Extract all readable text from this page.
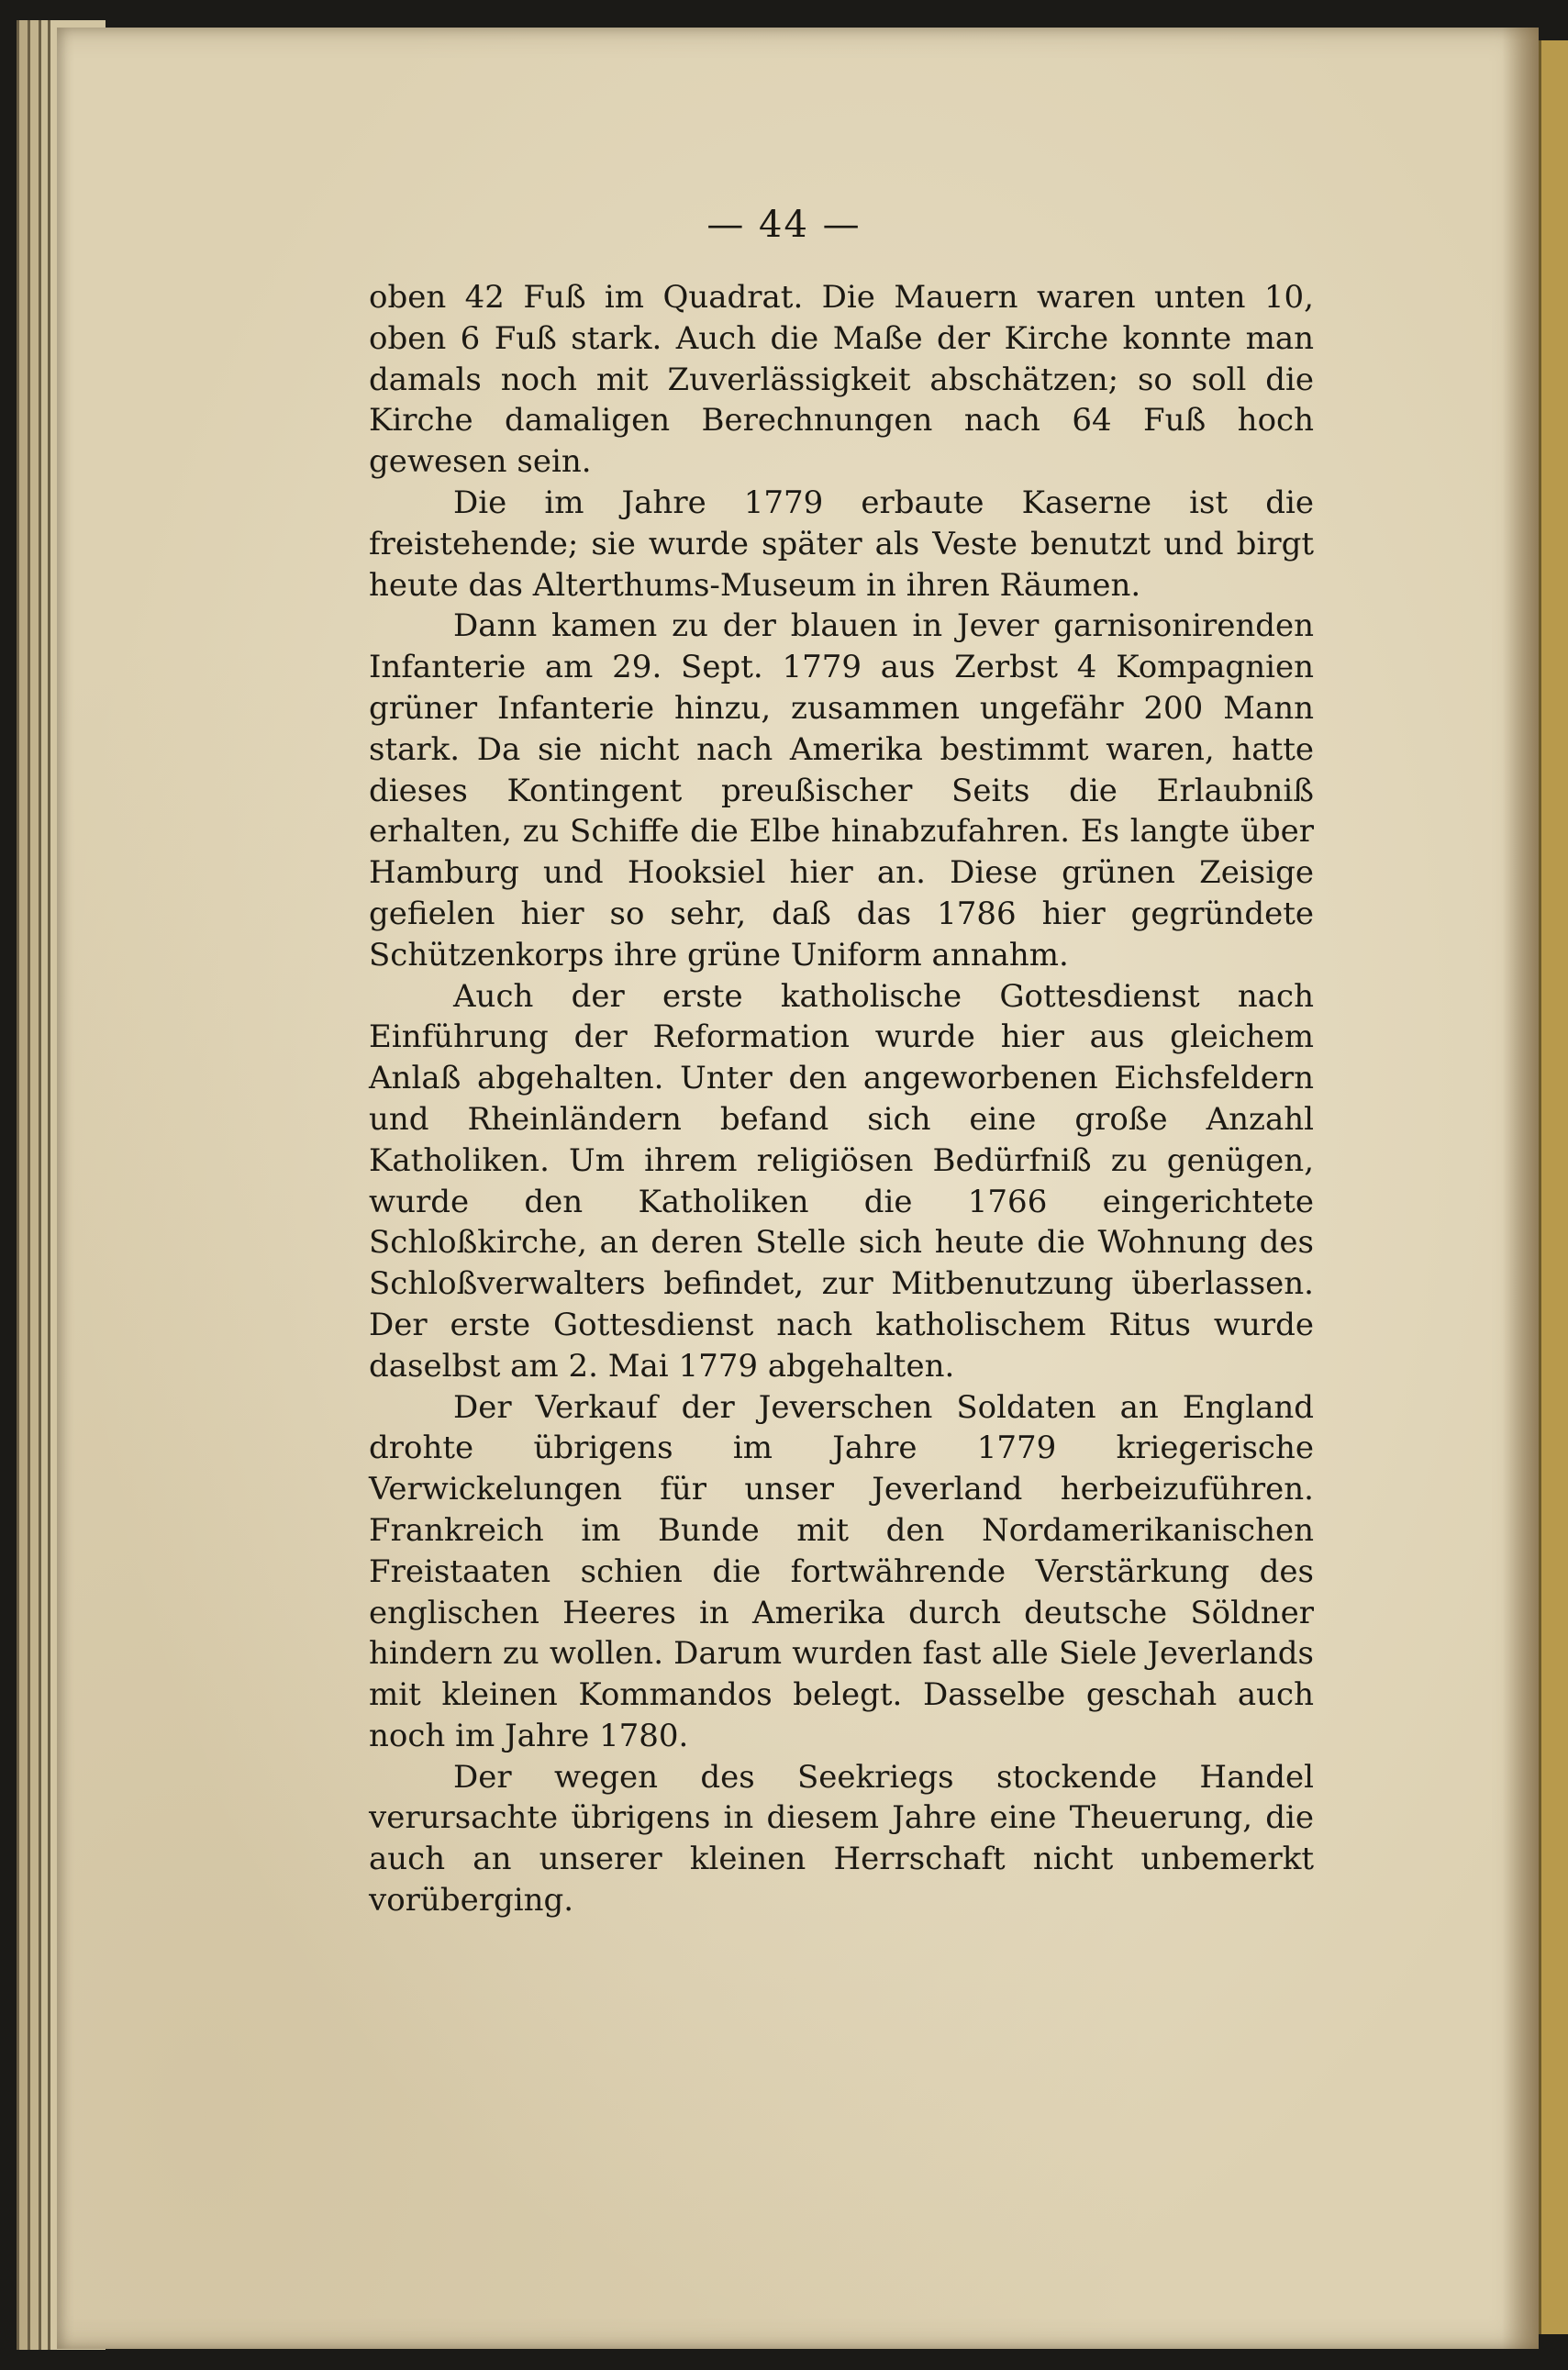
— 44 —

oben 42 Fuß im Quadrat. Die Mauern waren unten 10, oben 6 Fuß stark. Auch die Maße der Kirche konnte man damals noch mit Zuverlässigkeit abschätzen; so soll die Kirche damaligen Berechnungen nach 64 Fuß hoch gewesen sein.

Die im Jahre 1779 erbaute Kaserne ist die freistehende; sie wurde später als Veste benutzt und birgt heute das Alterthums-Museum in ihren Räumen.

Dann kamen zu der blauen in Jever garnisonirenden Infanterie am 29. Sept. 1779 aus Zerbst 4 Kompagnien grüner Infanterie hinzu, zusammen ungefähr 200 Mann stark. Da sie nicht nach Amerika bestimmt waren, hatte dieses Kontingent preußischer Seits die Erlaubniß erhalten, zu Schiffe die Elbe hinabzufahren. Es langte über Hamburg und Hooksiel hier an. Diese grünen Zeisige gefielen hier so sehr, daß das 1786 hier gegründete Schützenkorps ihre grüne Uniform annahm.

Auch der erste katholische Gottesdienst nach Einführung der Reformation wurde hier aus gleichem Anlaß abgehalten. Unter den angeworbenen Eichsfeldern und Rheinländern befand sich eine große Anzahl Katholiken. Um ihrem religiösen Bedürfniß zu genügen, wurde den Katholiken die 1766 eingerichtete Schloßkirche, an deren Stelle sich heute die Wohnung des Schloßverwalters befindet, zur Mitbenutzung überlassen. Der erste Gottesdienst nach katholischem Ritus wurde daselbst am 2. Mai 1779 abgehalten.

Der Verkauf der Jeverschen Soldaten an England drohte übrigens im Jahre 1779 kriegerische Verwickelungen für unser Jeverland herbeizuführen. Frankreich im Bunde mit den Nordamerikanischen Freistaaten schien die fortwährende Verstärkung des englischen Heeres in Amerika durch deutsche Söldner hindern zu wollen. Darum wurden fast alle Siele Jeverlands mit kleinen Kommandos belegt. Dasselbe geschah auch noch im Jahre 1780.

Der wegen des Seekriegs stockende Handel verursachte übrigens in diesem Jahre eine Theuerung, die auch an unserer kleinen Herrschaft nicht unbemerkt vorüberging.
